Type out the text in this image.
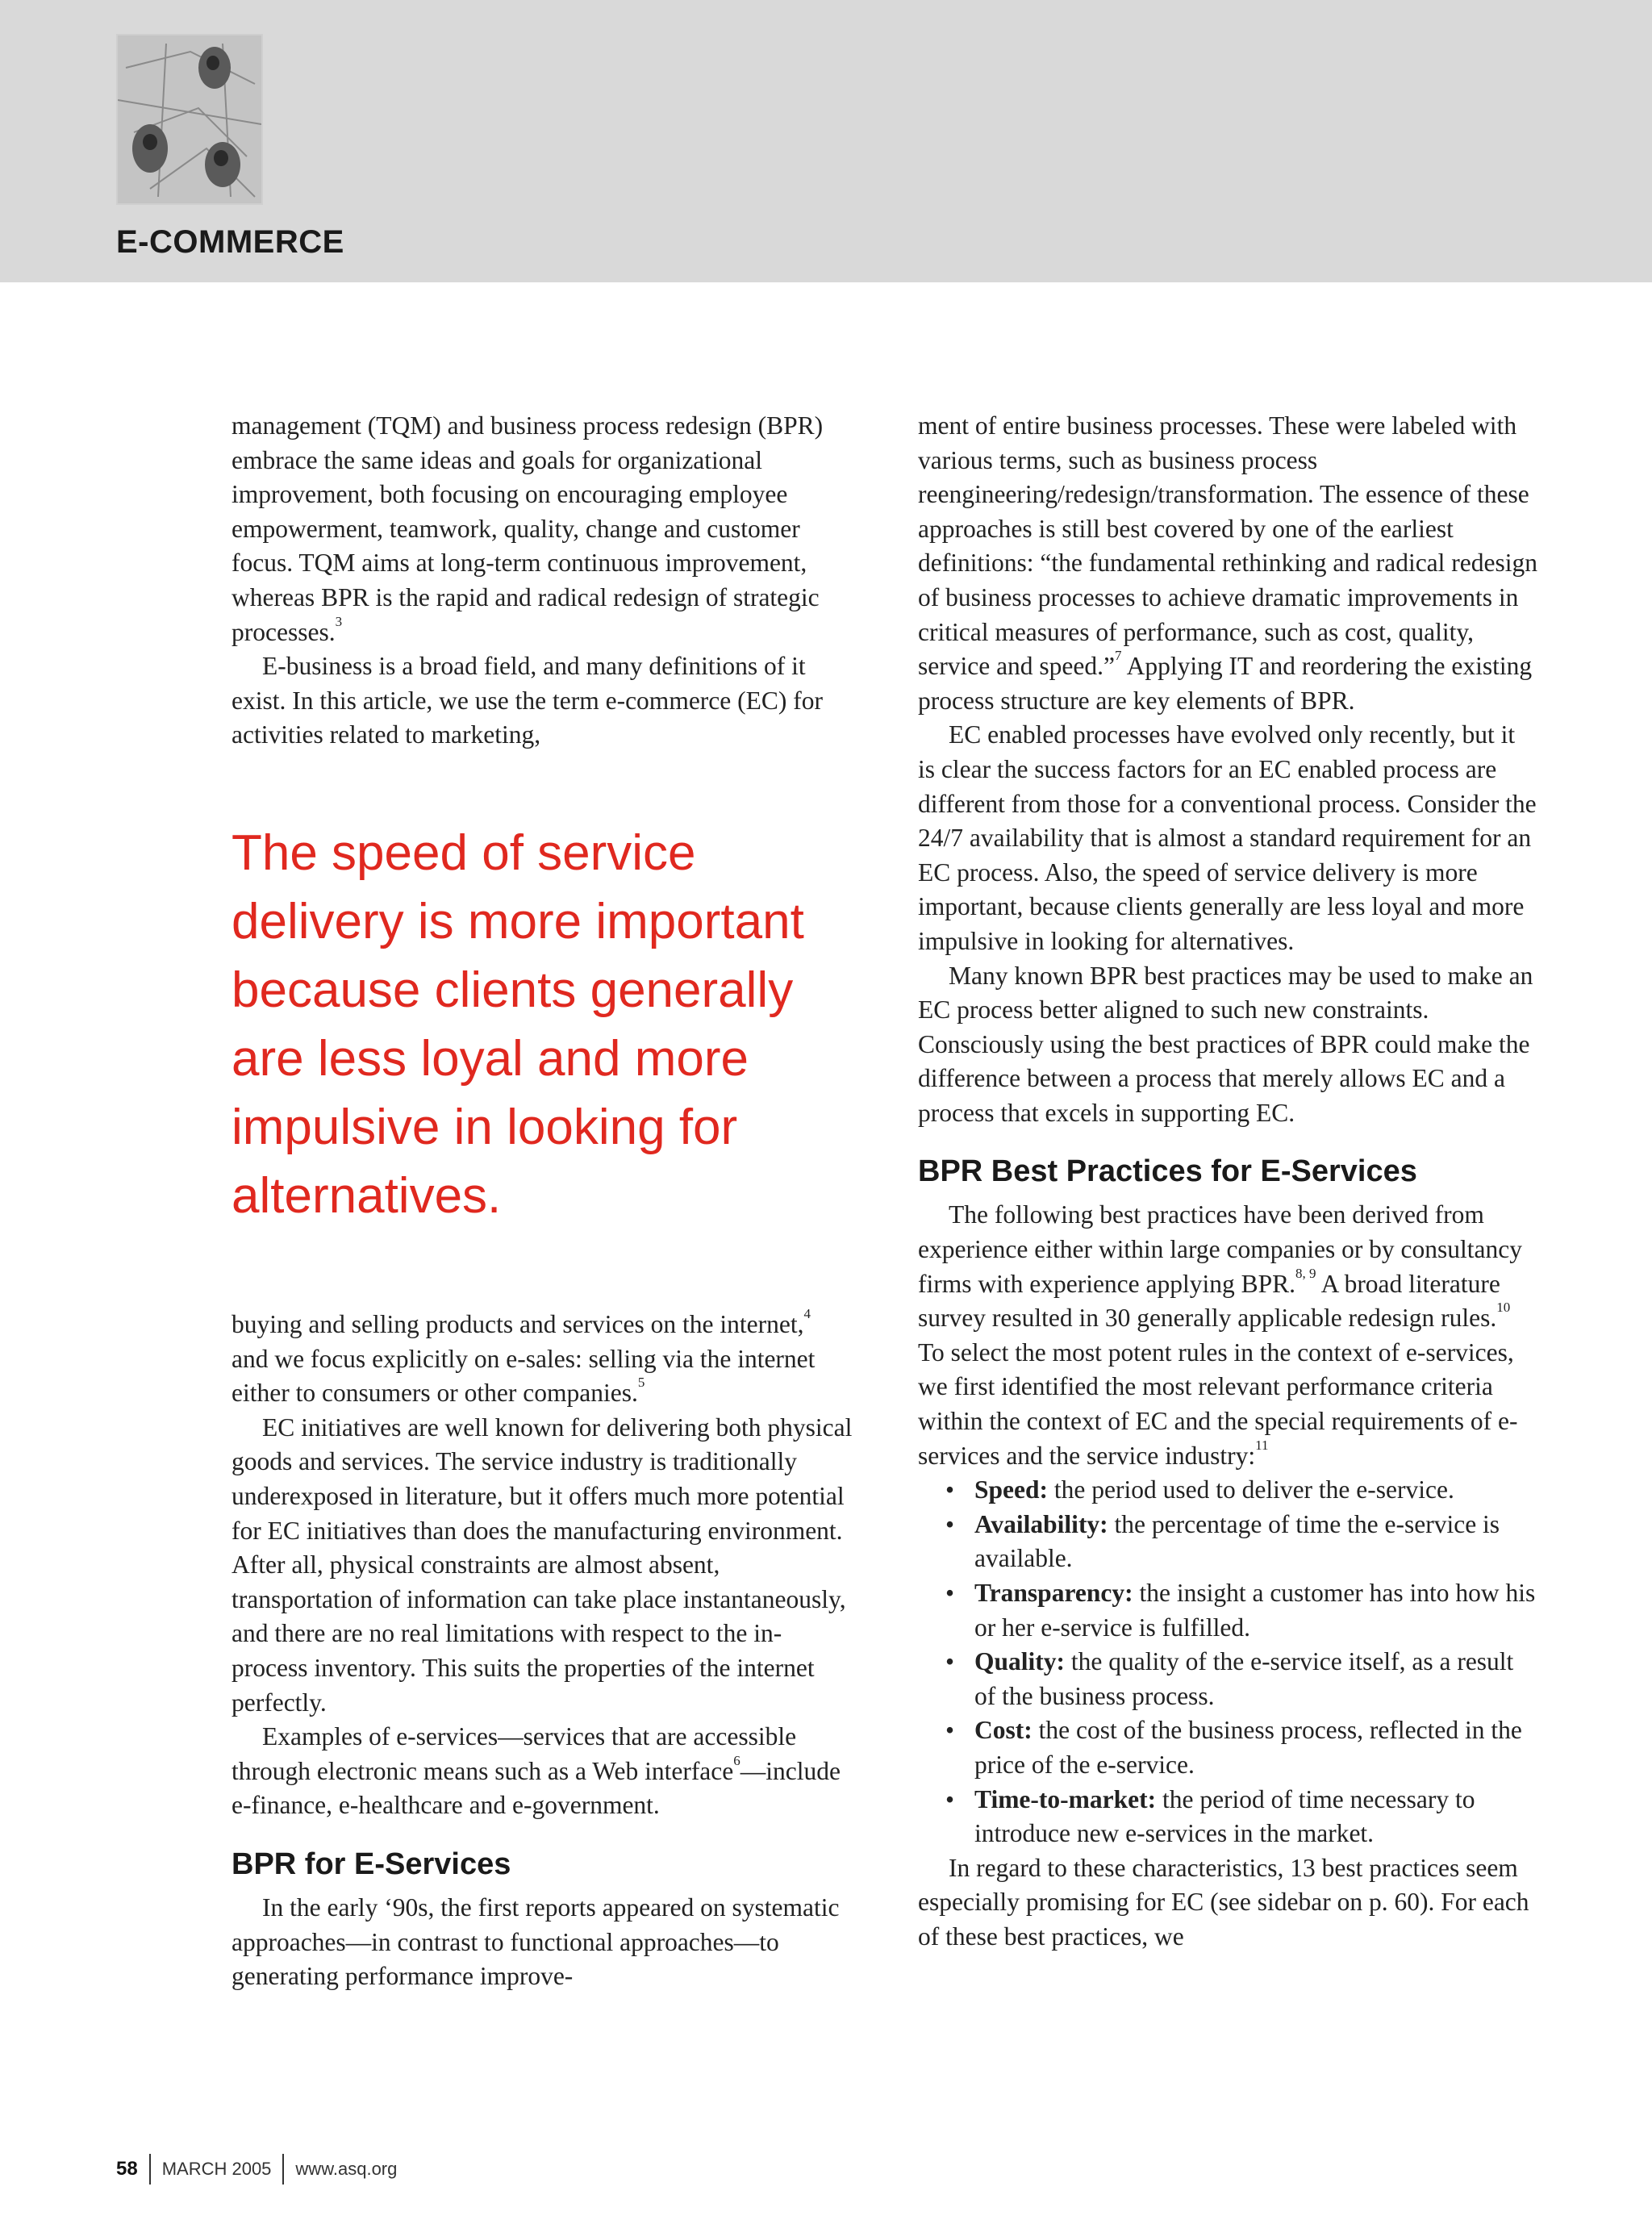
E-COMMERCE

management (TQM) and business process redesign (BPR) embrace the same ideas and goals for organizational improvement, both focusing on encouraging employee empowerment, teamwork, quality, change and customer focus. TQM aims at long-term continuous improvement, whereas BPR is the rapid and radical redesign of strategic processes.$^3$

E-business is a broad field, and many definitions of it exist. In this article, we use the term e-commerce (EC) for activities related to marketing,

The speed of service delivery is more important because clients generally are less loyal and more impulsive in looking for alternatives.

buying and selling products and services on the internet,$^4$ and we focus explicitly on e-sales: selling via the internet either to consumers or other companies.$^5$

EC initiatives are well known for delivering both physical goods and services. The service industry is traditionally underexposed in literature, but it offers much more potential for EC initiatives than does the manufacturing environment. After all, physical constraints are almost absent, transportation of information can take place instantaneously, and there are no real limitations with respect to the in-process inventory. This suits the properties of the internet perfectly.

Examples of e-services—services that are accessible through electronic means such as a Web interface$^6$—include e-finance, e-healthcare and e-government.

BPR for E-Services

In the early ‘90s, the first reports appeared on systematic approaches—in contrast to functional approaches—to generating performance improve-

ment of entire business processes. These were labeled with various terms, such as business process reengineering/redesign/transformation. The essence of these approaches is still best covered by one of the earliest definitions: “the fundamental rethinking and radical redesign of business processes to achieve dramatic improvements in critical measures of performance, such as cost, quality, service and speed.”$^7$ Applying IT and reordering the existing process structure are key elements of BPR.

EC enabled processes have evolved only recently, but it is clear the success factors for an EC enabled process are different from those for a conventional process. Consider the 24/7 availability that is almost a standard requirement for an EC process. Also, the speed of service delivery is more important, because clients generally are less loyal and more impulsive in looking for alternatives.

Many known BPR best practices may be used to make an EC process better aligned to such new constraints. Consciously using the best practices of BPR could make the difference between a process that merely allows EC and a process that excels in supporting EC.

BPR Best Practices for E-Services

The following best practices have been derived from experience either within large companies or by consultancy firms with experience applying BPR.$^{8, 9}$ A broad literature survey resulted in 30 generally applicable redesign rules.$^{10}$ To select the most potent rules in the context of e-services, we first identified the most relevant performance criteria within the context of EC and the special requirements of e-services and the service industry:$^{11}$

• Speed: the period used to deliver the e-service.
• Availability: the percentage of time the e-service is available.
• Transparency: the insight a customer has into how his or her e-service is fulfilled.
• Quality: the quality of the e-service itself, as a result of the business process.
• Cost: the cost of the business process, reflected in the price of the e-service.
• Time-to-market: the period of time necessary to introduce new e-services in the market.

In regard to these characteristics, 13 best practices seem especially promising for EC (see sidebar on p. 60). For each of these best practices, we

58 MARCH 2005 www.asq.org
